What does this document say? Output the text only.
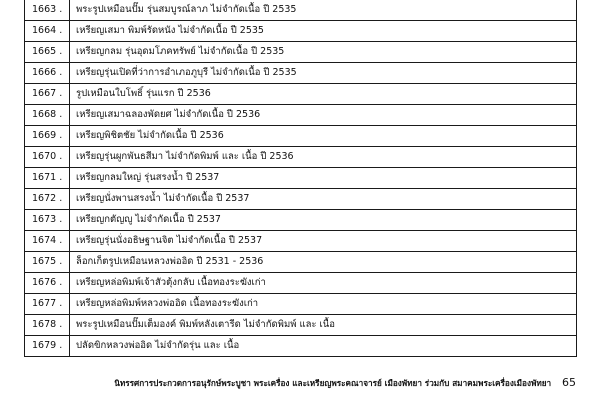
1663 .	พระรูปเหมือนปั๊ม รุ่นสมบูรณ์ลาภ ไม่จำกัดเนื้อ ปี 2535
1664 .	เหรียญเสมา พิมพ์รัดหนัง ไม่จำกัดเนื้อ ปี 2535
1665 .	เหรียญกลม รุ่นอุดมโภคทรัพย์ ไม่จำกัดเนื้อ ปี 2535
1666 .	เหรียญรุ่นเปิดที่ว่าการอำเภอภูบุรี ไม่จำกัดเนื้อ ปี 2535
1667 .	รูปเหมือนใบโพธิ์ รุ่นแรก ปี 2536
1668 .	เหรียญเสมาฉลองพัดยศ ไม่จำกัดเนื้อ ปี 2536
1669 .	เหรียญพิชิตชัย ไม่จำกัดเนื้อ ปี 2536
1670 .	เหรียญรุ่นผูกพันธสีมา ไม่จำกัดพิมพ์ และ เนื้อ ปี 2536
1671 .	เหรียญกลมใหญ่ รุ่นสรงน้ำ ปี 2537
1672 .	เหรียญนั่งพานสรงน้ำ ไม่จำกัดเนื้อ ปี 2537
1673 .	เหรียญกตัญญู ไม่จำกัดเนื้อ ปี 2537
1674 .	เหรียญรุ่นนั่งอธิษฐานจิต ไม่จำกัดเนื้อ ปี 2537
1675 .	ล็อกเก็ตรูปเหมือนหลวงพ่ออิด ปี 2531 - 2536
1676 .	เหรียญหล่อพิมพ์เจ้าสัวตุ้งกลับ เนื้อทองระฆังเก่า
1677 .	เหรียญหล่อพิมพ์หลวงพ่ออิด เนื้อทองระฆังเก่า
1678 .	พระรูปเหมือนปั๊มเต็มองค์ พิมพ์หลังเตารีด ไม่จำกัดพิมพ์ และ เนื้อ
1679 .	ปลัดขิกหลวงพ่ออิด ไม่จำกัดรุ่น และ เนื้อ
นิทรรศการประกวดการอนุรักษ์พระบูชา พระเครื่อง และเหรียญพระคณาจารย์ เมืองพัทยา ร่วมกับ สมาคมพระเครื่องเมืองพัทยา 65
